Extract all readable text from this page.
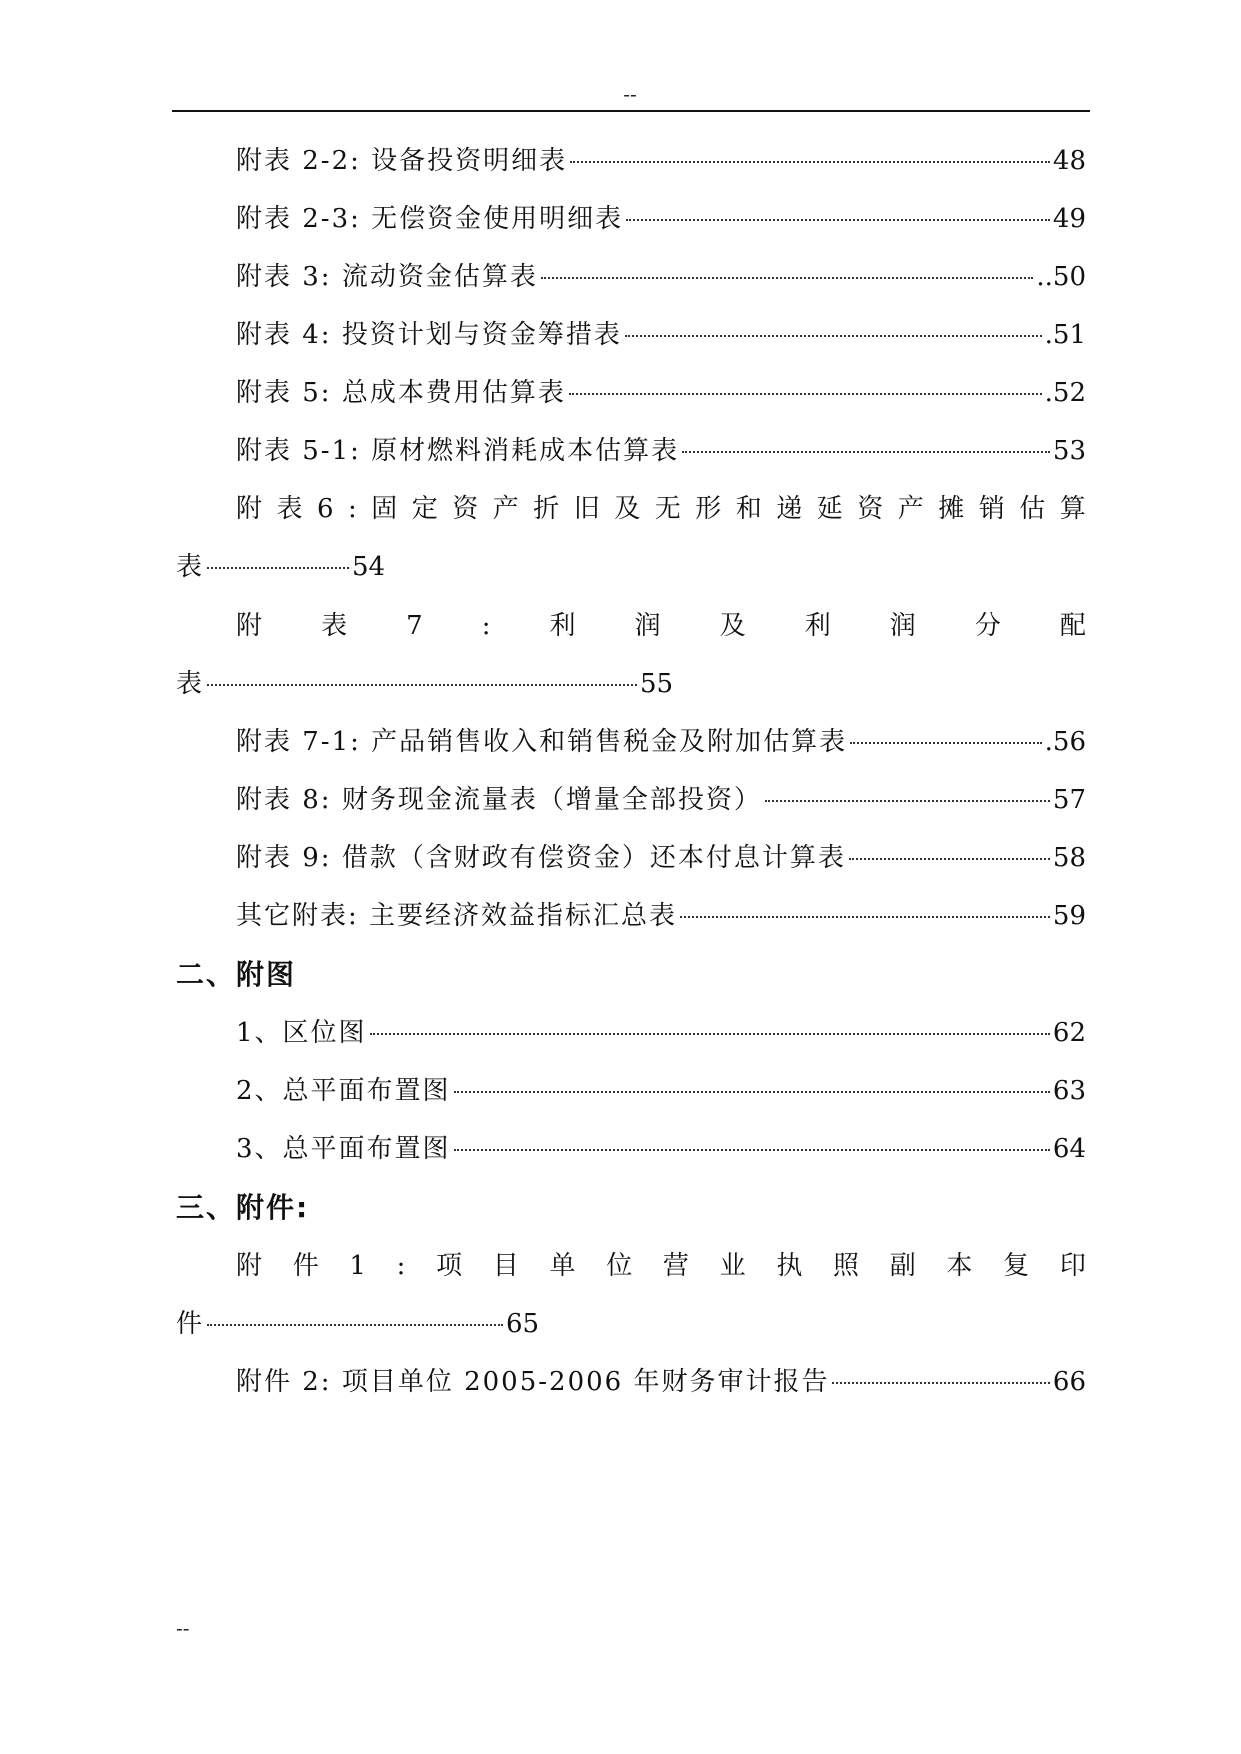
--
附表 2-2: 设备投资明细表	48
附表 2-3: 无偿资金使用明细表	49
附表 3: 流动资金估算表	..50
附表 4: 投资计划与资金筹措表	.51
附表 5: 总成本费用估算表	.52
附表 5-1: 原材燃料消耗成本估算表	53
附 表 6 : 固 定 资 产 折 旧 及 无 形 和 递 延 资 产 摊 销 估 算
表	54
附 表 7 : 利 润 及 利 润 分 配
表	55
附表 7-1: 产品销售收入和销售税金及附加估算表	.56
附表 8: 财务现金流量表（增量全部投资）	57
附表 9: 借款（含财政有偿资金）还本付息计算表	58
其它附表: 主要经济效益指标汇总表	59
二、附图
1、区位图	62
2、总平面布置图	63
3、总平面布置图	64
三、附件:
附 件 1 : 项 目 单 位 营 业 执 照 副 本 复 印
件	65
附件 2: 项目单位 2005-2006 年财务审计报告	66
--
